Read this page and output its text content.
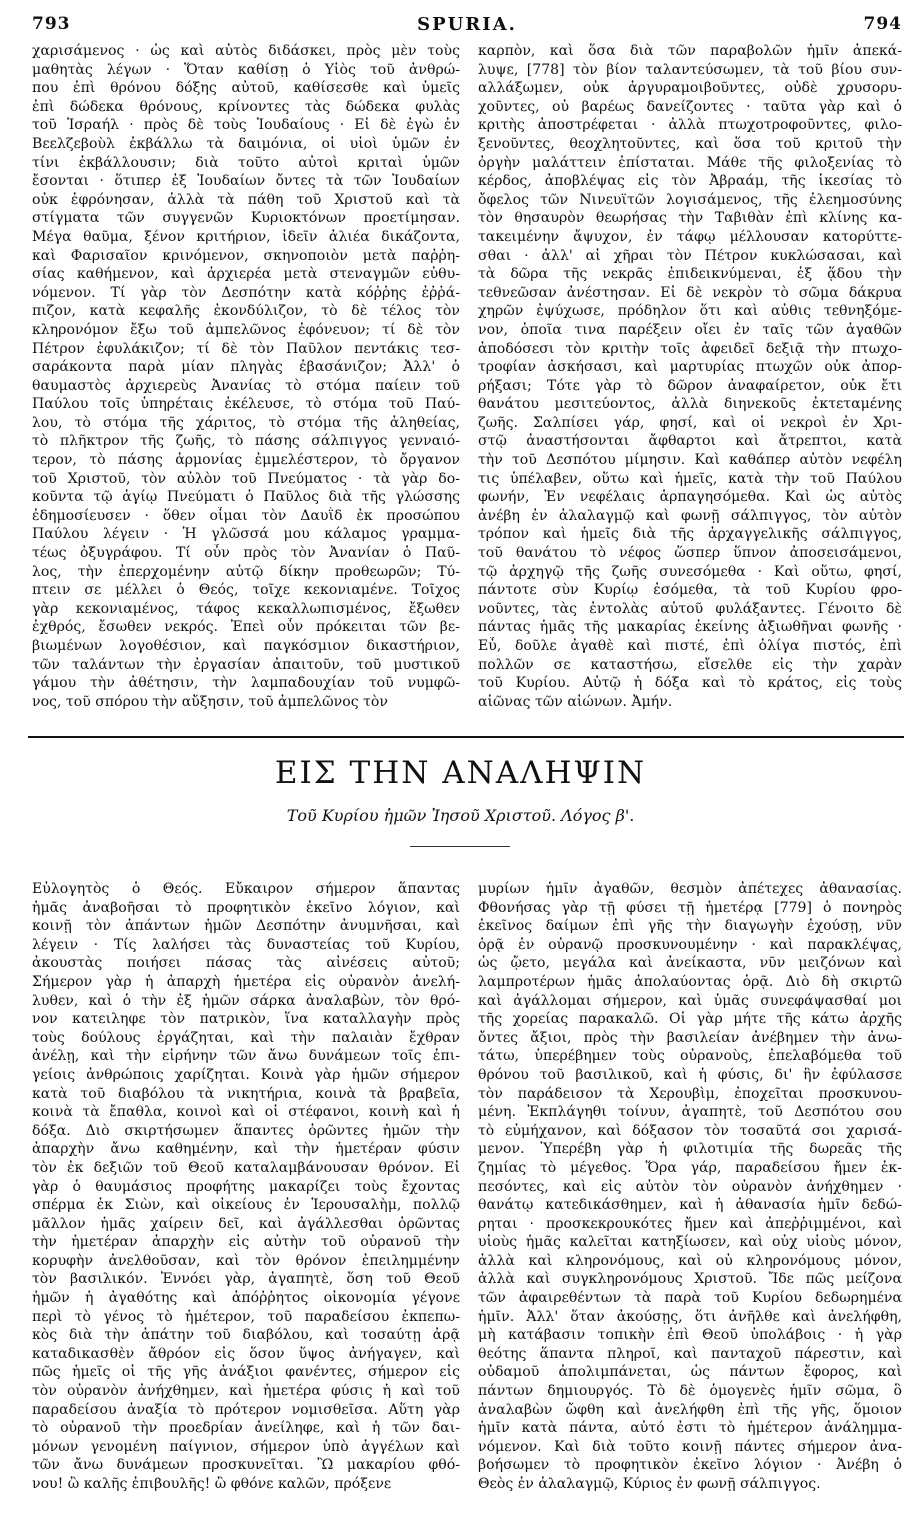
793	SPURIA.	794
χαρισάμενος · ὡς καὶ αὐτὸς διδάσκει, πρὸς μὲν τοὺς
μαθητὰς λέγων · Ὅταν καθίσῃ ὁ Υἱὸς τοῦ ἀνθρώ-
που ἐπὶ θρόνου δόξης αὐτοῦ, καθίσεσθε καὶ ὑμεῖς
ἐπὶ δώδεκα θρόνους, κρίνοντες τὰς δώδεκα φυλὰς
τοῦ Ἰσραήλ · πρὸς δὲ τοὺς Ἰουδαίους · Εἰ δὲ ἐγὼ ἐν
Βεελζεβοὺλ ἐκβάλλω τὰ δαιμόνια, οἱ υἱοὶ ὑμῶν ἐν
τίνι ἐκβάλλουσιν; διὰ τοῦτο αὐτοὶ κριταὶ ὑμῶν
ἔσονται · ὅτιπερ ἐξ Ἰουδαίων ὄντες τὰ τῶν Ἰουδαίων
οὐκ ἐφρόνησαν, ἀλλὰ τὰ πάθη τοῦ Χριστοῦ καὶ τὰ
στίγματα τῶν συγγενῶν Κυριοκτόνων προετίμησαν.
Μέγα θαῦμα, ξένον κριτήριον, ἰδεῖν ἀλιέα δικάζοντα,
καὶ Φαρισαῖον κρινόμενον, σκηνοποιὸν μετὰ παῤῥη-
σίας καθήμενον, καὶ ἀρχιερέα μετὰ στεναγμῶν εὐθυ-
νόμενον. Τί γὰρ τὸν Δεσπότην κατὰ κόῤῥης ἐῤῥά-
πιζον, κατὰ κεφαλῆς ἐκονδύλιζον, τὸ δὲ τέλος τὸν
κληρονόμον ἔξω τοῦ ἀμπελῶνος ἐφόνευον; τί δὲ τὸν
Πέτρον ἐφυλάκιζον; τί δὲ τὸν Παῦλον πεντάκις τεσ-
σαράκοντα παρὰ μίαν πληγὰς ἐβασάνιζον; Ἀλλ' ὁ
θαυμαστὸς ἀρχιερεὺς Ἀνανίας τὸ στόμα παίειν τοῦ
Παύλου τοῖς ὑπηρέταις ἐκέλευσε, τὸ στόμα τοῦ Παύ-
λου, τὸ στόμα τῆς χάριτος, τὸ στόμα τῆς ἀληθείας,
τὸ πλῆκτρον τῆς ζωῆς, τὸ πάσης σάλπιγγος γενναιό-
τερον, τὸ πάσης ἁρμονίας ἐμμελέστερον, τὸ ὄργανον
τοῦ Χριστοῦ, τὸν αὐλὸν τοῦ Πνεύματος · τὰ γὰρ δο-
κοῦντα τῷ ἁγίῳ Πνεύματι ὁ Παῦλος διὰ τῆς γλώσσης
ἐδημοσίευσεν · ὅθεν οἶμαι τὸν Δαυῒδ ἐκ προσώπου
Παύλου λέγειν · Ἡ γλῶσσά μου κάλαμος γραμμα-
τέως ὀξυγράφου. Τί οὖν πρὸς τὸν Ἀνανίαν ὁ Παῦ-
λος, τὴν ἐπερχομένην αὐτῷ δίκην προθεωρῶν; Τύ-
πτειν σε μέλλει ὁ Θεός, τοῖχε κεκονιαμένε. Τοῖχος
γὰρ κεκονιαμένος, τάφος κεκαλλωπισμένος, ἔξωθεν
ἐχθρός, ἔσωθεν νεκρός. Ἐπεὶ οὖν πρόκειται τῶν βε-
βιωμένων λογοθέσιον, καὶ παγκόσμιον δικαστήριον,
τῶν ταλάντων τὴν ἐργασίαν ἀπαιτοῦν, τοῦ μυστικοῦ
γάμου τὴν ἀθέτησιν, τὴν λαμπαδουχίαν τοῦ νυμφῶ-
νος, τοῦ σπόρου τὴν αὔξησιν, τοῦ ἀμπελῶνος τὸν
καρπὸν, καὶ ὅσα διὰ τῶν παραβολῶν ἡμῖν ἀπεκά-
λυψε, [778] τὸν βίον ταλαντεύσωμεν, τὰ τοῦ βίου συν-
αλλάξωμεν, οὐκ ἀργυραμοιβοῦντες, οὐδὲ χρυσορυ-
χοῦντες, οὐ βαρέως δανείζοντες · ταῦτα γὰρ καὶ ὁ
κριτὴς ἀποστρέφεται · ἀλλὰ πτωχοτροφοῦντες, φιλο-
ξενοῦντες, θεοχλητοῦντες, καὶ ὅσα τοῦ κριτοῦ τὴν
ὀργὴν μαλάττειν ἐπίσταται. Μάθε τῆς φιλοξενίας τὸ
κέρδος, ἀποβλέψας εἰς τὸν Ἀβραάμ, τῆς ἱκεσίας τὸ
ὄφελος τῶν Νινευϊτῶν λογισάμενος, τῆς ἐλεημοσύνης
τὸν θησαυρὸν θεωρήσας τὴν Ταβιθὰν ἐπὶ κλίνης κα-
τακειμένην ἄψυχον, ἐν τάφῳ μέλλουσαν κατορύττε-
σθαι · ἀλλ' αἱ χῆραι τὸν Πέτρον κυκλώσασαι, καὶ
τὰ δῶρα τῆς νεκρᾶς ἐπιδεικνύμεναι, ἐξ ᾅδου τὴν
τεθνεῶσαν ἀνέστησαν. Εἰ δὲ νεκρὸν τὸ σῶμα δάκρυα
χηρῶν ἐψύχωσε, πρόδηλον ὅτι καὶ αὐθις τεθνηξόμε-
νον, ὁποῖα τινα παρέξειν οἴει ἐν ταῖς τῶν ἀγαθῶν
ἀποδόσεσι τὸν κριτὴν τοῖς ἀφειδεῖ δεξιᾷ τὴν πτωχο-
τροφίαν ἀσκήσασι, καὶ μαρτυρίας πτωχῶν οὐκ ἀπορ-
ρήξασι; Τότε γὰρ τὸ δῶρον ἀναφαίρετον, οὐκ ἔτι
θανάτου μεσιτεύοντος, ἀλλὰ διηνεκοῦς ἐκτεταμένης
ζωῆς. Σαλπίσει γάρ, φησί, καὶ οἱ νεκροὶ ἐν Χρι-
στῷ ἀναστήσονται ἄφθαρτοι καὶ ἄτρεπτοι, κατὰ
τὴν τοῦ Δεσπότου μίμησιν. Καὶ καθάπερ αὐτὸν νεφέλη
τις ὑπέλαβεν, οὕτω καὶ ἡμεῖς, κατὰ τὴν τοῦ Παύλου
φωνήν, Ἐν νεφέλαις ἁρπαγησόμεθα. Καὶ ὡς αὐτὸς
ἀνέβη ἐν ἀλαλαγμῷ καὶ φωνῇ σάλπιγγος, τὸν αὐτὸν
τρόπον καὶ ἡμεῖς διὰ τῆς ἀρχαγγελικῆς σάλπιγγος,
τοῦ θανάτου τὸ νέφος ὥσπερ ὕπνον ἀποσεισάμενοι,
τῷ ἀρχηγῷ τῆς ζωῆς συνεσόμεθα · Καὶ οὕτω, φησί,
πάντοτε σὺν Κυρίῳ ἐσόμεθα, τὰ τοῦ Κυρίου φρο-
νοῦντες, τὰς ἐντολὰς αὐτοῦ φυλάξαντες. Γένοιτο δὲ
πάντας ἡμᾶς τῆς μακαρίας ἐκείνης ἀξιωθῆναι φωνῆς ·
Εὖ, δοῦλε ἀγαθὲ καὶ πιστέ, ἐπὶ ὀλίγα πιστός, ἐπὶ
πολλῶν σε καταστήσω, εἴσελθε εἰς τὴν χαρὰν
τοῦ Κυρίου. Αὐτῷ ἡ δόξα καὶ τὸ κράτος, εἰς τοὺς
αἰῶνας τῶν αἰώνων. Ἀμήν.
ΕΙΣ ΤΗΝ ΑΝΑΛΗΨΙΝ
Τοῦ Κυρίου ἡμῶν Ἰησοῦ Χριστοῦ. Λόγος β'.
Εὐλογητὸς ὁ Θεός. Εὔκαιρον σήμερον ἅπαντας
ἡμᾶς ἀναβοῆσαι τὸ προφητικὸν ἐκεῖνο λόγιον, καὶ
κοινῇ τὸν ἁπάντων ἡμῶν Δεσπότην ἀνυμνῆσαι, καὶ
λέγειν · Τίς λαλήσει τὰς δυναστείας τοῦ Κυρίου,
ἀκουστὰς ποιήσει πάσας τὰς αἰνέσεις αὐτοῦ;
Σήμερον γὰρ ἡ ἀπαρχὴ ἡμετέρα εἰς οὐρανὸν ἀνελή-
λυθεν, καὶ ὁ τὴν ἐξ ἡμῶν σάρκα ἀναλαβὼν, τὸν θρό-
νον κατειληφε τὸν πατρικὸν, ἵνα καταλλαγὴν πρὸς
τοὺς δούλους ἐργάζηται, καὶ τὴν παλαιὰν ἔχθραν
ἀνέλῃ, καὶ τὴν εἰρήνην τῶν ἄνω δυνάμεων τοῖς ἐπι-
γείοις ἀνθρώποις χαρίζηται. Κοινὰ γὰρ ἡμῶν σήμερον
κατὰ τοῦ διαβόλου τὰ νικητήρια, κοινὰ τὰ βραβεῖα,
κοινὰ τὰ ἔπαθλα, κοινοὶ καὶ οἱ στέφανοι, κοινὴ καὶ ἡ
δόξα. Διὸ σκιρτήσωμεν ἅπαντες ὁρῶντες ἡμῶν τὴν
ἀπαρχὴν ἄνω καθημένην, καὶ τὴν ἡμετέραν φύσιν
τὸν ἐκ δεξιῶν τοῦ Θεοῦ καταλαμβάνουσαν θρόνον. Εἰ
γὰρ ὁ θαυμάσιος προφήτης μακαρίζει τοὺς ἔχοντας
σπέρμα ἐκ Σιὼν, καὶ οἰκείους ἐν Ἱερουσαλὴμ, πολλῷ
μᾶλλον ἡμᾶς χαίρειν δεῖ, καὶ ἀγάλλεσθαι ὁρῶντας
τὴν ἡμετέραν ἀπαρχὴν εἰς αὐτὴν τοῦ οὐρανοῦ τὴν
κορυφὴν ἀνελθοῦσαν, καὶ τὸν θρόνον ἐπειλημμένην
τὸν βασιλικόν. Ἐννόει γὰρ, ἀγαπητὲ, ὅση τοῦ Θεοῦ
ἡμῶν ἡ ἀγαθότης καὶ ἀπόῤῥητος οἰκονομία γέγονε
περὶ τὸ γένος τὸ ἡμέτερον, τοῦ παραδείσου ἐκπεπω-
κὸς διὰ τὴν ἀπάτην τοῦ διαβόλου, καὶ τοσαύτῃ ἀρᾷ
καταδικασθὲν ἄθρόον εἰς ὅσον ὕψος ἀνήγαγεν, καὶ
πῶς ἡμεῖς οἱ τῆς γῆς ἀνάξιοι φανέντες, σήμερον εἰς
τὸν οὐρανὸν ἀνήχθημεν, καὶ ἡμετέρα φύσις ἡ καὶ τοῦ
παραδείσου ἀναξία τὸ πρότερον νομισθεῖσα. Αὕτη γὰρ
τὸ οὐρανοῦ τὴν προεδρίαν ἀνείληφε, καὶ ἡ τῶν δαι-
μόνων γενομένη παίγνιον, σήμερον ὑπὸ ἀγγέλων καὶ
τῶν ἄνω δυνάμεων προσκυνεῖται. Ὢ μακαρίου φθό-
νου! ὢ καλῆς ἐπιβουλῆς! ὢ φθόνε καλῶν, πρόξενε
μυρίων ἡμῖν ἀγαθῶν, θεσμὸν ἀπέτεχες ἀθανασίας.
Φθονήσας γὰρ τῇ φύσει τῇ ἡμετέρᾳ [779] ὁ πονηρὸς
ἐκεῖνος δαίμων ἐπὶ γῆς τὴν διαγωγὴν ἐχούσῃ, νῦν
ὁρᾷ ἐν οὐρανῷ προσκυνουμένην · καὶ παρακλέψας,
ὡς ᾤετο, μεγάλα καὶ ἀνείκαστα, νῦν μειζόνων καὶ
λαμπροτέρων ἡμᾶς ἀπολαύοντας ὁρᾷ. Διὸ δὴ σκιρτῶ
καὶ ἀγάλλομαι σήμερον, καὶ ὑμᾶς συνεφάψασθαί μοι
τῆς χορείας παρακαλῶ. Οἱ γὰρ μήτε τῆς κάτω ἀρχῆς
ὄντες ἄξιοι, πρὸς τὴν βασιλείαν ἀνέβημεν τὴν ἀνω-
τάτω, ὑπερέβημεν τοὺς οὐρανοὺς, ἐπελαβόμεθα τοῦ
θρόνου τοῦ βασιλικοῦ, καὶ ἡ φύσις, δι' ἣν ἐφύλασσε
τὸν παράδεισον τὰ Χερουβὶμ, ἐποχεῖται προσκυνου-
μένη. Ἐκπλάγηθι τοίνυν, ἀγαπητὲ, τοῦ Δεσπότου σου
τὸ εὐμήχανον, καὶ δόξασον τὸν τοσαῦτά σοι χαρισά-
μενον. Ὑπερέβη γὰρ ἡ φιλοτιμία τῆς δωρεᾶς τῆς
ζημίας τὸ μέγεθος. Ὅρα γάρ, παραδείσου ἤμεν ἐκ-
πεσόντες, καὶ εἰς αὐτὸν τὸν οὐρανὸν ἀνήχθημεν ·
θανάτῳ κατεδικάσθημεν, καὶ ἡ ἀθανασία ἡμῖν δεδώ-
ρηται · προσκεκρουκότες ἤμεν καὶ ἀπεῤῥιμμένοι, καὶ
υἱοὺς ἡμᾶς καλεῖται κατηξίωσεν, καὶ οὐχ υἱοὺς μόνον,
ἀλλὰ καὶ κληρονόμους, καὶ οὐ κληρονόμους μόνον,
ἀλλὰ καὶ συγκληρονόμους Χριστοῦ. Ἴδε πῶς μείζονα
τῶν ἀφαιρεθέντων τὰ παρὰ τοῦ Κυρίου δεδωρημένα
ἡμῖν. Ἀλλ' ὅταν ἀκούσῃς, ὅτι ἀνῆλθε καὶ ἀνελήφθη,
μὴ κατάβασιν τοπικὴν ἐπὶ Θεοῦ ὑπολάβοις · ἡ γὰρ
θεότης ἅπαντα πληροῖ, καὶ πανταχοῦ πάρεστιν, καὶ
οὐδαμοῦ ἀπολιμπάνεται, ὡς πάντων ἔφορος, καὶ
πάντων δημιουργός. Τὸ δὲ ὁμογενὲς ἡμῖν σῶμα, ὃ
ἀναλαβὼν ὤφθη καὶ ἀνελήφθη ἐπὶ τῆς γῆς, ὅμοιον
ἡμῖν κατὰ πάντα, αὐτό ἐστι τὸ ἡμέτερον ἀνάλημμα-
νόμενον. Καὶ διὰ τοῦτο κοινῇ πάντες σήμερον ἀνα-
βοήσωμεν τὸ προφητικὸν ἐκεῖνο λόγιον · Ἀνέβη ὁ
Θεὸς ἐν ἀλαλαγμῷ, Κύριος ἐν φωνῇ σάλπιγγος.
